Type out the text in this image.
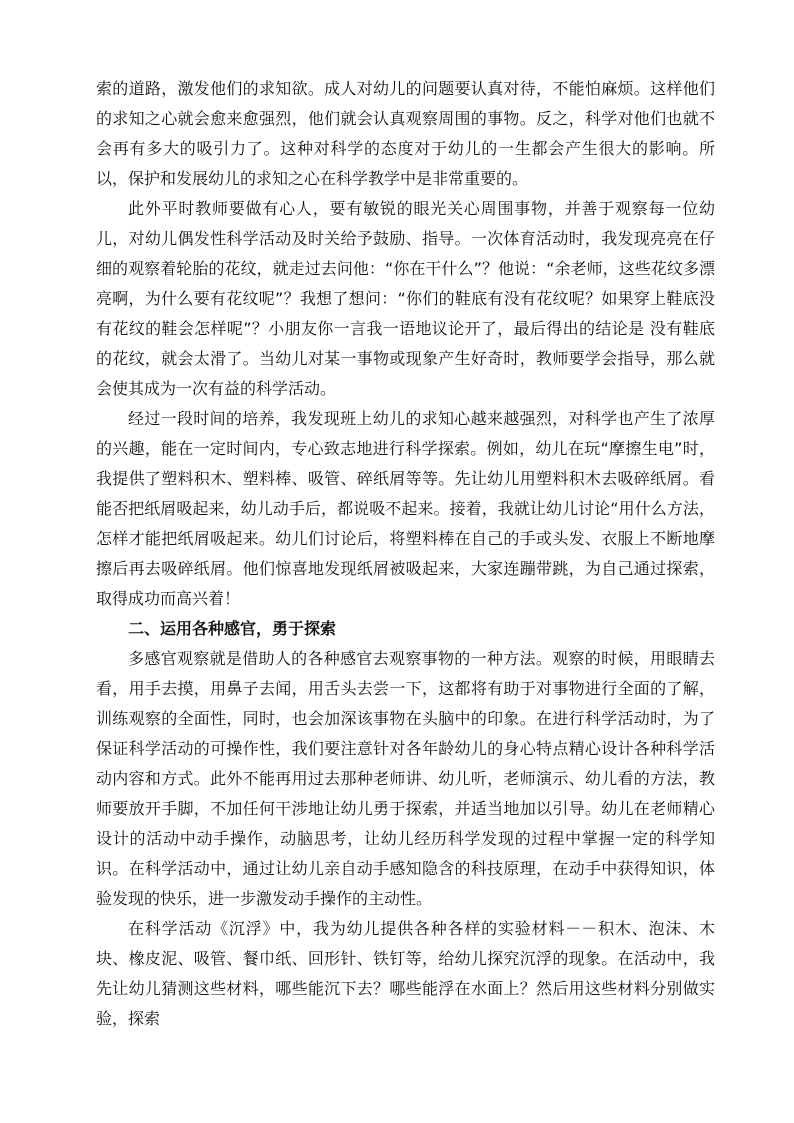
索的道路，激发他们的求知欲。成人对幼儿的问题要认真对待，不能怕麻烦。这样他们的求知之心就会愈来愈强烈，他们就会认真观察周围的事物。反之，科学对他们也就不会再有多大的吸引力了。这种对科学的态度对于幼儿的一生都会产生很大的影响。所以，保护和发展幼儿的求知之心在科学教学中是非常重要的。

此外平时教师要做有心人，要有敏锐的眼光关心周围事物，并善于观察每一位幼儿，对幼儿偶发性科学活动及时关给予鼓励、指导。一次体育活动时，我发现亮亮在仔细的观察着轮胎的花纹，就走过去问他：“你在干什么”？他说：“余老师，这些花纹多漂亮啊，为什么要有花纹呢”？我想了想问：“你们的鞋底有没有花纹呢？如果穿上鞋底没有花纹的鞋会怎样呢”？小朋友你一言我一语地议论开了，最后得出的结论是 没有鞋底的花纹，就会太滑了。当幼儿对某一事物或现象产生好奇时，教师要学会指导，那么就会使其成为一次有益的科学活动。

经过一段时间的培养，我发现班上幼儿的求知心越来越强烈，对科学也产生了浓厚的兴趣，能在一定时间内，专心致志地进行科学探索。例如，幼儿在玩“摩擦生电”时，我提供了塑料积木、塑料棒、吸管、碎纸屑等等。先让幼儿用塑料积木去吸碎纸屑。看能否把纸屑吸起来，幼儿动手后，都说吸不起来。接着，我就让幼儿讨论“用什么方法，怎样才能把纸屑吸起来。幼儿们讨论后，将塑料棒在自己的手或头发、衣服上不断地摩擦后再去吸碎纸屑。他们惊喜地发现纸屑被吸起来，大家连蹦带跳，为自己通过探索，取得成功而高兴着！

二、运用各种感官，勇于探索

多感官观察就是借助人的各种感官去观察事物的一种方法。观察的时候，用眼睛去看，用手去摸，用鼻子去闻，用舌头去尝一下，这都将有助于对事物进行全面的了解，训练观察的全面性，同时，也会加深该事物在头脑中的印象。在进行科学活动时，为了保证科学活动的可操作性，我们要注意针对各年龄幼儿的身心特点精心设计各种科学活动内容和方式。此外不能再用过去那种老师讲、幼儿听，老师演示、幼儿看的方法，教师要放开手脚，不加任何干涉地让幼儿勇于探索，并适当地加以引导。幼儿在老师精心设计的活动中动手操作，动脑思考，让幼儿经历科学发现的过程中掌握一定的科学知识。在科学活动中，通过让幼儿亲自动手感知隐含的科技原理，在动手中获得知识，体验发现的快乐，进一步激发动手操作的主动性。

在科学活动《沉浮》中，我为幼儿提供各种各样的实验材料－－积木、泡沫、木块、橡皮泥、吸管、餐巾纸、回形针、铁钉等，给幼儿探究沉浮的现象。在活动中，我先让幼儿猜测这些材料，哪些能沉下去？哪些能浮在水面上？然后用这些材料分别做实验，探索
